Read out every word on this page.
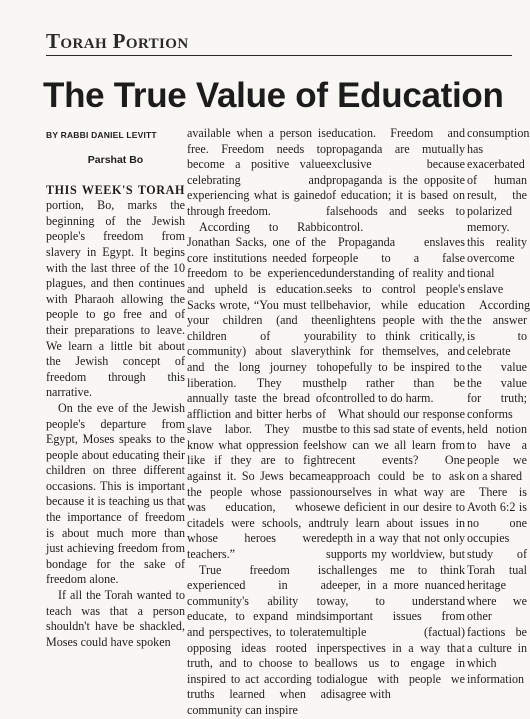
Torah Portion
The True Value of Education
BY RABBI DANIEL LEVITT
Parshat Bo

THIS WEEK'S TORAH portion, Bo, marks the beginning of the Jewish people's freedom from slavery in Egypt. It begins with the last three of the 10 plagues, and then continues with Pharaoh allowing the people to go free and of their preparations to leave. We learn a little bit about the Jewish concept of freedom through this narrative.

On the eve of the Jewish people's departure from Egypt, Moses speaks to the people about educating their children on three different occasions. This is important because it is teaching us that the importance of freedom is about much more than just achieving freedom from bondage for the sake of freedom alone.

If all the Torah wanted to teach was that a person shouldn't have be shackled, Moses could have spoken

available when a person is free. Freedom needs to become a positive value celebrating and experiencing what is gained through freedom.

According to Rabbi Jonathan Sacks, one of the core institutions needed for freedom to be experienced and upheld is education. Sacks wrote, “You must tell your children (and the children of your community) about slavery and the long journey to liberation. They must annually taste the bread of affliction and bitter herbs of slave labor. They must know what oppression feels like if they are to fight against it. So Jews became the people whose passion was education, whose citadels were schools, and whose heroes were teachers.”

True freedom is experienced in a community's ability to educate, to expand minds and perspectives, to tolerate opposing ideas rooted in truth, and to choose to be inspired to act according to truths learned when a community can inspire

education. Freedom and propaganda are mutually exclusive because propaganda is the opposite of education; it is based on falsehoods and seeks to control.

Propaganda enslaves people to a false understanding of reality and seeks to control people's behavior, while education enlightens people with the ability to think critically, think for themselves, and hopefully to be inspired to help rather than be controlled to do harm.

What should our response be to this sad state of events, how can we all learn from recent events? One approach could be to ask ourselves in what way are we deficient in our desire to truly learn about issues in depth in a way that not only supports my worldview, but challenges me to think deeper, in a more nuanced way, to understand important issues from multiple (factual) perspectives in a way that allows us to engage in dialogue with people we disagree with

consumption has exacerbated of human result, the polarized memory. this reality overcome tional enslave

According the answer is to celebrate the value the value for truth; conforms held notion to have a people we on a shared

There is Avoth 6:2 is no one occupies study of Torah tual heritage where we other factions be a culture in which information
